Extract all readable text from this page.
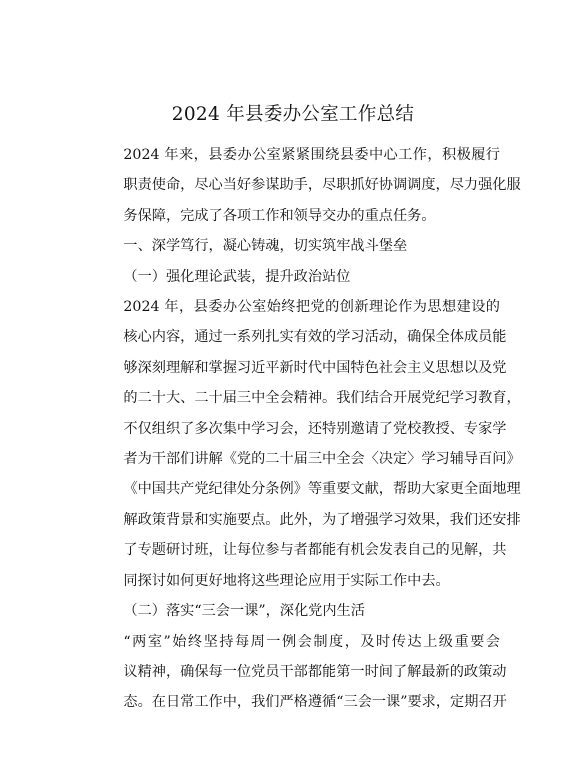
2024 年县委办公室工作总结

2024 年来，县委办公室紧紧围绕县委中心工作，积极履行
职责使命，尽心当好参谋助手，尽职抓好协调调度，尽力强化服
务保障，完成了各项工作和领导交办的重点任务。

一、深学笃行，凝心铸魂，切实筑牢战斗堡垒

（一）强化理论武装，提升政治站位

2024 年，县委办公室始终把党的创新理论作为思想建设的
核心内容，通过一系列扎实有效的学习活动，确保全体成员能
够深刻理解和掌握习近平新时代中国特色社会主义思想以及党
的二十大、二十届三中全会精神。我们结合开展党纪学习教育，
不仅组织了多次集中学习会，还特别邀请了党校教授、专家学
者为干部们讲解《党的二十届三中全会〈决定〉学习辅导百问》
《中国共产党纪律处分条例》等重要文献，帮助大家更全面地理
解政策背景和实施要点。此外，为了增强学习效果，我们还安排
了专题研讨班，让每位参与者都能有机会发表自己的见解，共
同探讨如何更好地将这些理论应用于实际工作中去。

（二）落实“三会一课”，深化党内生活

“两室”始终坚持每周一例会制度，及时传达上级重要会
议精神，确保每一位党员干部都能第一时间了解最新的政策动
态。在日常工作中，我们严格遵循“三会一课”要求，定期召开
